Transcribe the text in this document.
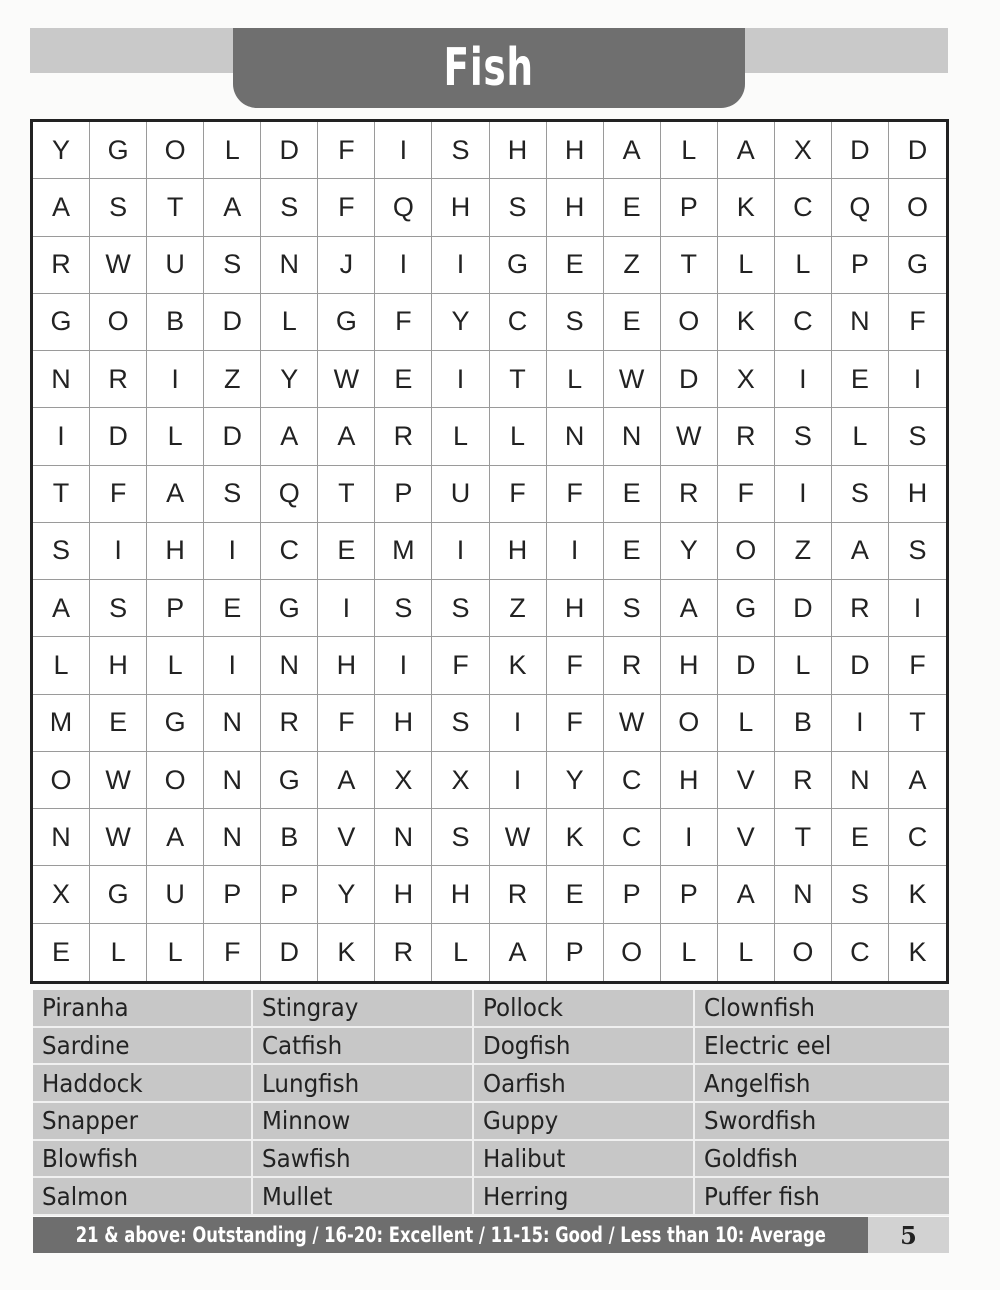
Fish
Y	G	O	L	D	F	I	S	H	H	A	L	A	X	D	D
A	S	T	A	S	F	Q	H	S	H	E	P	K	C	Q	O
R	W	U	S	N	J	I	I	G	E	Z	T	L	L	P	G
G	O	B	D	L	G	F	Y	C	S	E	O	K	C	N	F
N	R	I	Z	Y	W	E	I	T	L	W	D	X	I	E	I
I	D	L	D	A	A	R	L	L	N	N	W	R	S	L	S
T	F	A	S	Q	T	P	U	F	F	E	R	F	I	S	H
S	I	H	I	C	E	M	I	H	I	E	Y	O	Z	A	S
A	S	P	E	G	I	S	S	Z	H	S	A	G	D	R	I
L	H	L	I	N	H	I	F	K	F	R	H	D	L	D	F
M	E	G	N	R	F	H	S	I	F	W	O	L	B	I	T
O	W	O	N	G	A	X	X	I	Y	C	H	V	R	N	A
N	W	A	N	B	V	N	S	W	K	C	I	V	T	E	C
X	G	U	P	P	Y	H	H	R	E	P	P	A	N	S	K
E	L	L	F	D	K	R	L	A	P	O	L	L	O	C	K
Piranha	Stingray	Pollock	Clownfish
Sardine	Catfish	Dogfish	Electric eel
Haddock	Lungfish	Oarfish	Angelfish
Snapper	Minnow	Guppy	Swordfish
Blowfish	Sawfish	Halibut	Goldfish
Salmon	Mullet	Herring	Puffer fish
21 & above: Outstanding / 16-20: Excellent / 11-15: Good / Less than 10: Average	5
